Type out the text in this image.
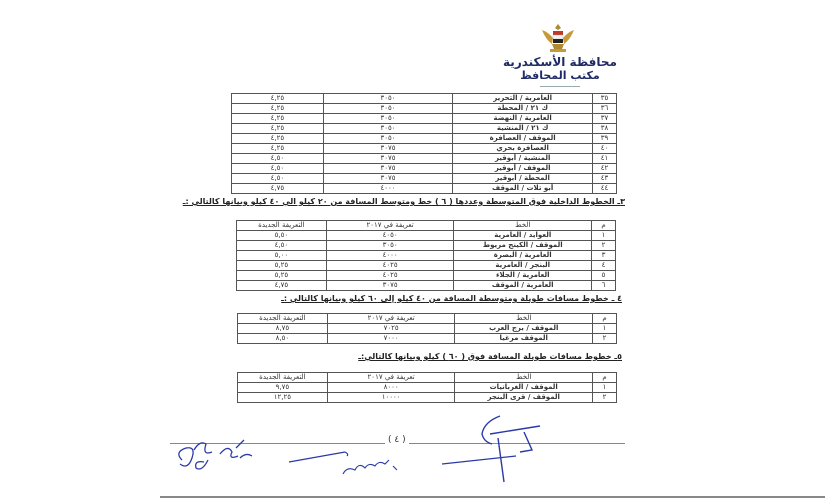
محافظة الأسكندرية
مكتب المحافظ
٣٥	العامرية / التحرير	٣٠٥٠	٤,٢٥
٣٦	ك ٢١ / المحطة	٣٠٥٠	٤,٢٥
٣٧	العامرية / النهضة	٣٠٥٠	٤,٢٥
٣٨	ك ٢١ / المنشية	٣٠٥٠	٤,٢٥
٣٩	الموقف / العصافرة	٣٠٥٠	٤,٢٥
٤٠	العصافرة بحري	٣٠٧٥	٤,٢٥
٤١	المنشية / أبوقير	٣٠٧٥	٤,٥٠
٤٢	الموقف / أبوقير	٣٠٧٥	٤,٥٠
٤٣	المحطة / أبوقير	٣٠٧٥	٤,٥٠
٤٤	أبو تلات / الموقف	٤٠٠٠	٤,٧٥
٣ـ الخطوط الداخلية فوق المتوسطة وعددها ( ٦ ) خط ومتوسط المسافة من ٢٠ كيلو الي ٤٠ كيلو وبيانها كالتالي :ـ
م	الخط	تعريفة في ٢٠١٧	التعريفة الجديدة
١	العوايد / العامرية	٤٠٥٠	٥,٥٠
٢	الموقف / الكينج مريوط	٣٠٥٠	٤,٥٠
٣	العامرية / البصرة	٤٠٠٠	٥,٠٠
٤	البنجر / العامرية	٤٠٢٥	٥,٢٥
٥	العامرية / الجلاء	٤٠٢٥	٥,٢٥
٦	العامرية / الموقف	٣٠٧٥	٤,٧٥
٤ ـ خطوط مسافات طويلة ومتوسطة المسافة من ٤٠ كيلو إلى ٦٠ كيلو وبيانها كالتالي :ـ
م	الخط	تعريفة في ٢٠١٧	التعريفة الجديدة
١	الموقف / برج العرب	٧٠٢٥	٨,٧٥
٢	الموقف مرغيا	٧٠٠٠	٨,٥٠
٥ـ خطوط مسافات طويلة المسافة فوق ( ٦٠ ) كيلو وبيانها كالتالي:ـ
م	الخط	تعريفة في ٢٠١٧	التعريفة الجديدة
١	الموقف / الغربانيات	٨٠٠٠	٩,٧٥
٢	الموقف / قرى البنجر	١٠٠٠٠	١٢,٢٥
( ٤ )
